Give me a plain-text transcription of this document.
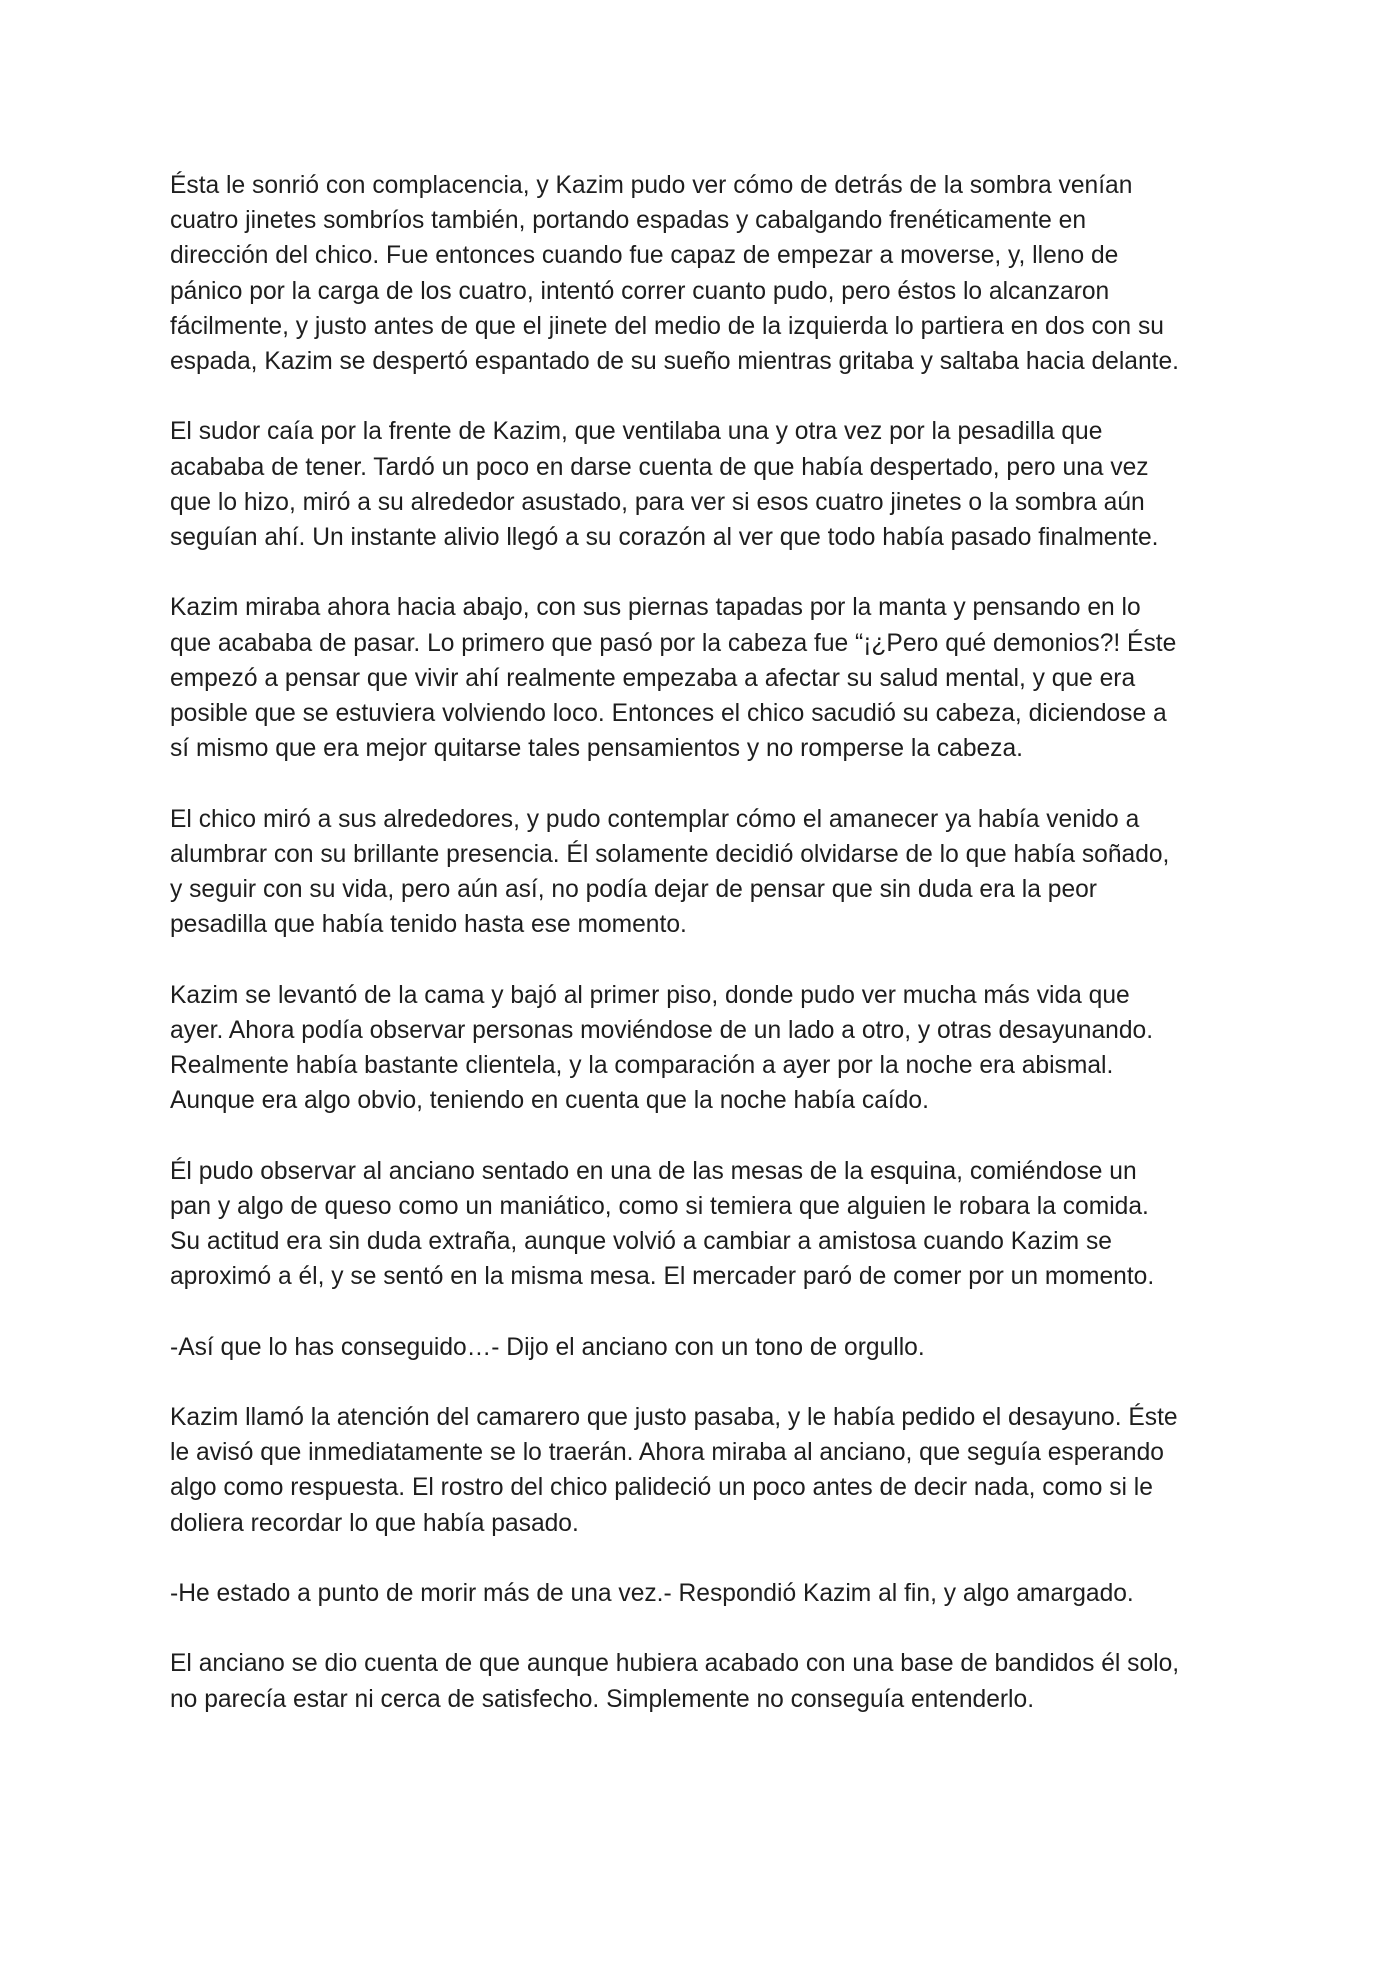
Ésta le sonrió con complacencia, y Kazim pudo ver cómo de detrás de la sombra venían
cuatro jinetes sombríos también, portando espadas y cabalgando frenéticamente en
dirección del chico. Fue entonces cuando fue capaz de empezar a moverse, y, lleno de
pánico por la carga de los cuatro, intentó correr cuanto pudo, pero éstos lo alcanzaron
fácilmente, y justo antes de que el jinete del medio de la izquierda lo partiera en dos con su
espada, Kazim se despertó espantado de su sueño mientras gritaba y saltaba hacia delante.

El sudor caía por la frente de Kazim, que ventilaba una y otra vez por la pesadilla que
acababa de tener. Tardó un poco en darse cuenta de que había despertado, pero una vez
que lo hizo, miró a su alrededor asustado, para ver si esos cuatro jinetes o la sombra aún
seguían ahí. Un instante alivio llegó a su corazón al ver que todo había pasado finalmente.

Kazim miraba ahora hacia abajo, con sus piernas tapadas por la manta y pensando en lo
que acababa de pasar. Lo primero que pasó por la cabeza fue “¡¿Pero qué demonios?! Éste
empezó a pensar que vivir ahí realmente empezaba a afectar su salud mental, y que era
posible que se estuviera volviendo loco. Entonces el chico sacudió su cabeza, diciendose a
sí mismo que era mejor quitarse tales pensamientos y no romperse la cabeza.

El chico miró a sus alrededores, y pudo contemplar cómo el amanecer ya había venido a
alumbrar con su brillante presencia. Él solamente decidió olvidarse de lo que había soñado,
y seguir con su vida, pero aún así, no podía dejar de pensar que sin duda era la peor
pesadilla que había tenido hasta ese momento.

Kazim se levantó de la cama y bajó al primer piso, donde pudo ver mucha más vida que
ayer. Ahora podía observar personas moviéndose de un lado a otro, y otras desayunando.
Realmente había bastante clientela, y la comparación a ayer por la noche era abismal.
Aunque era algo obvio, teniendo en cuenta que la noche había caído.

Él pudo observar al anciano sentado en una de las mesas de la esquina, comiéndose un
pan y algo de queso como un maniático, como si temiera que alguien le robara la comida.
Su actitud era sin duda extraña, aunque volvió a cambiar a amistosa cuando Kazim se
aproximó a él, y se sentó en la misma mesa. El mercader paró de comer por un momento.

-Así que lo has conseguido…- Dijo el anciano con un tono de orgullo.

Kazim llamó la atención del camarero que justo pasaba, y le había pedido el desayuno. Éste
le avisó que inmediatamente se lo traerán. Ahora miraba al anciano, que seguía esperando
algo como respuesta. El rostro del chico palideció un poco antes de decir nada, como si le
doliera recordar lo que había pasado.

-He estado a punto de morir más de una vez.- Respondió Kazim al fin, y algo amargado.

El anciano se dio cuenta de que aunque hubiera acabado con una base de bandidos él solo,
no parecía estar ni cerca de satisfecho. Simplemente no conseguía entenderlo.
